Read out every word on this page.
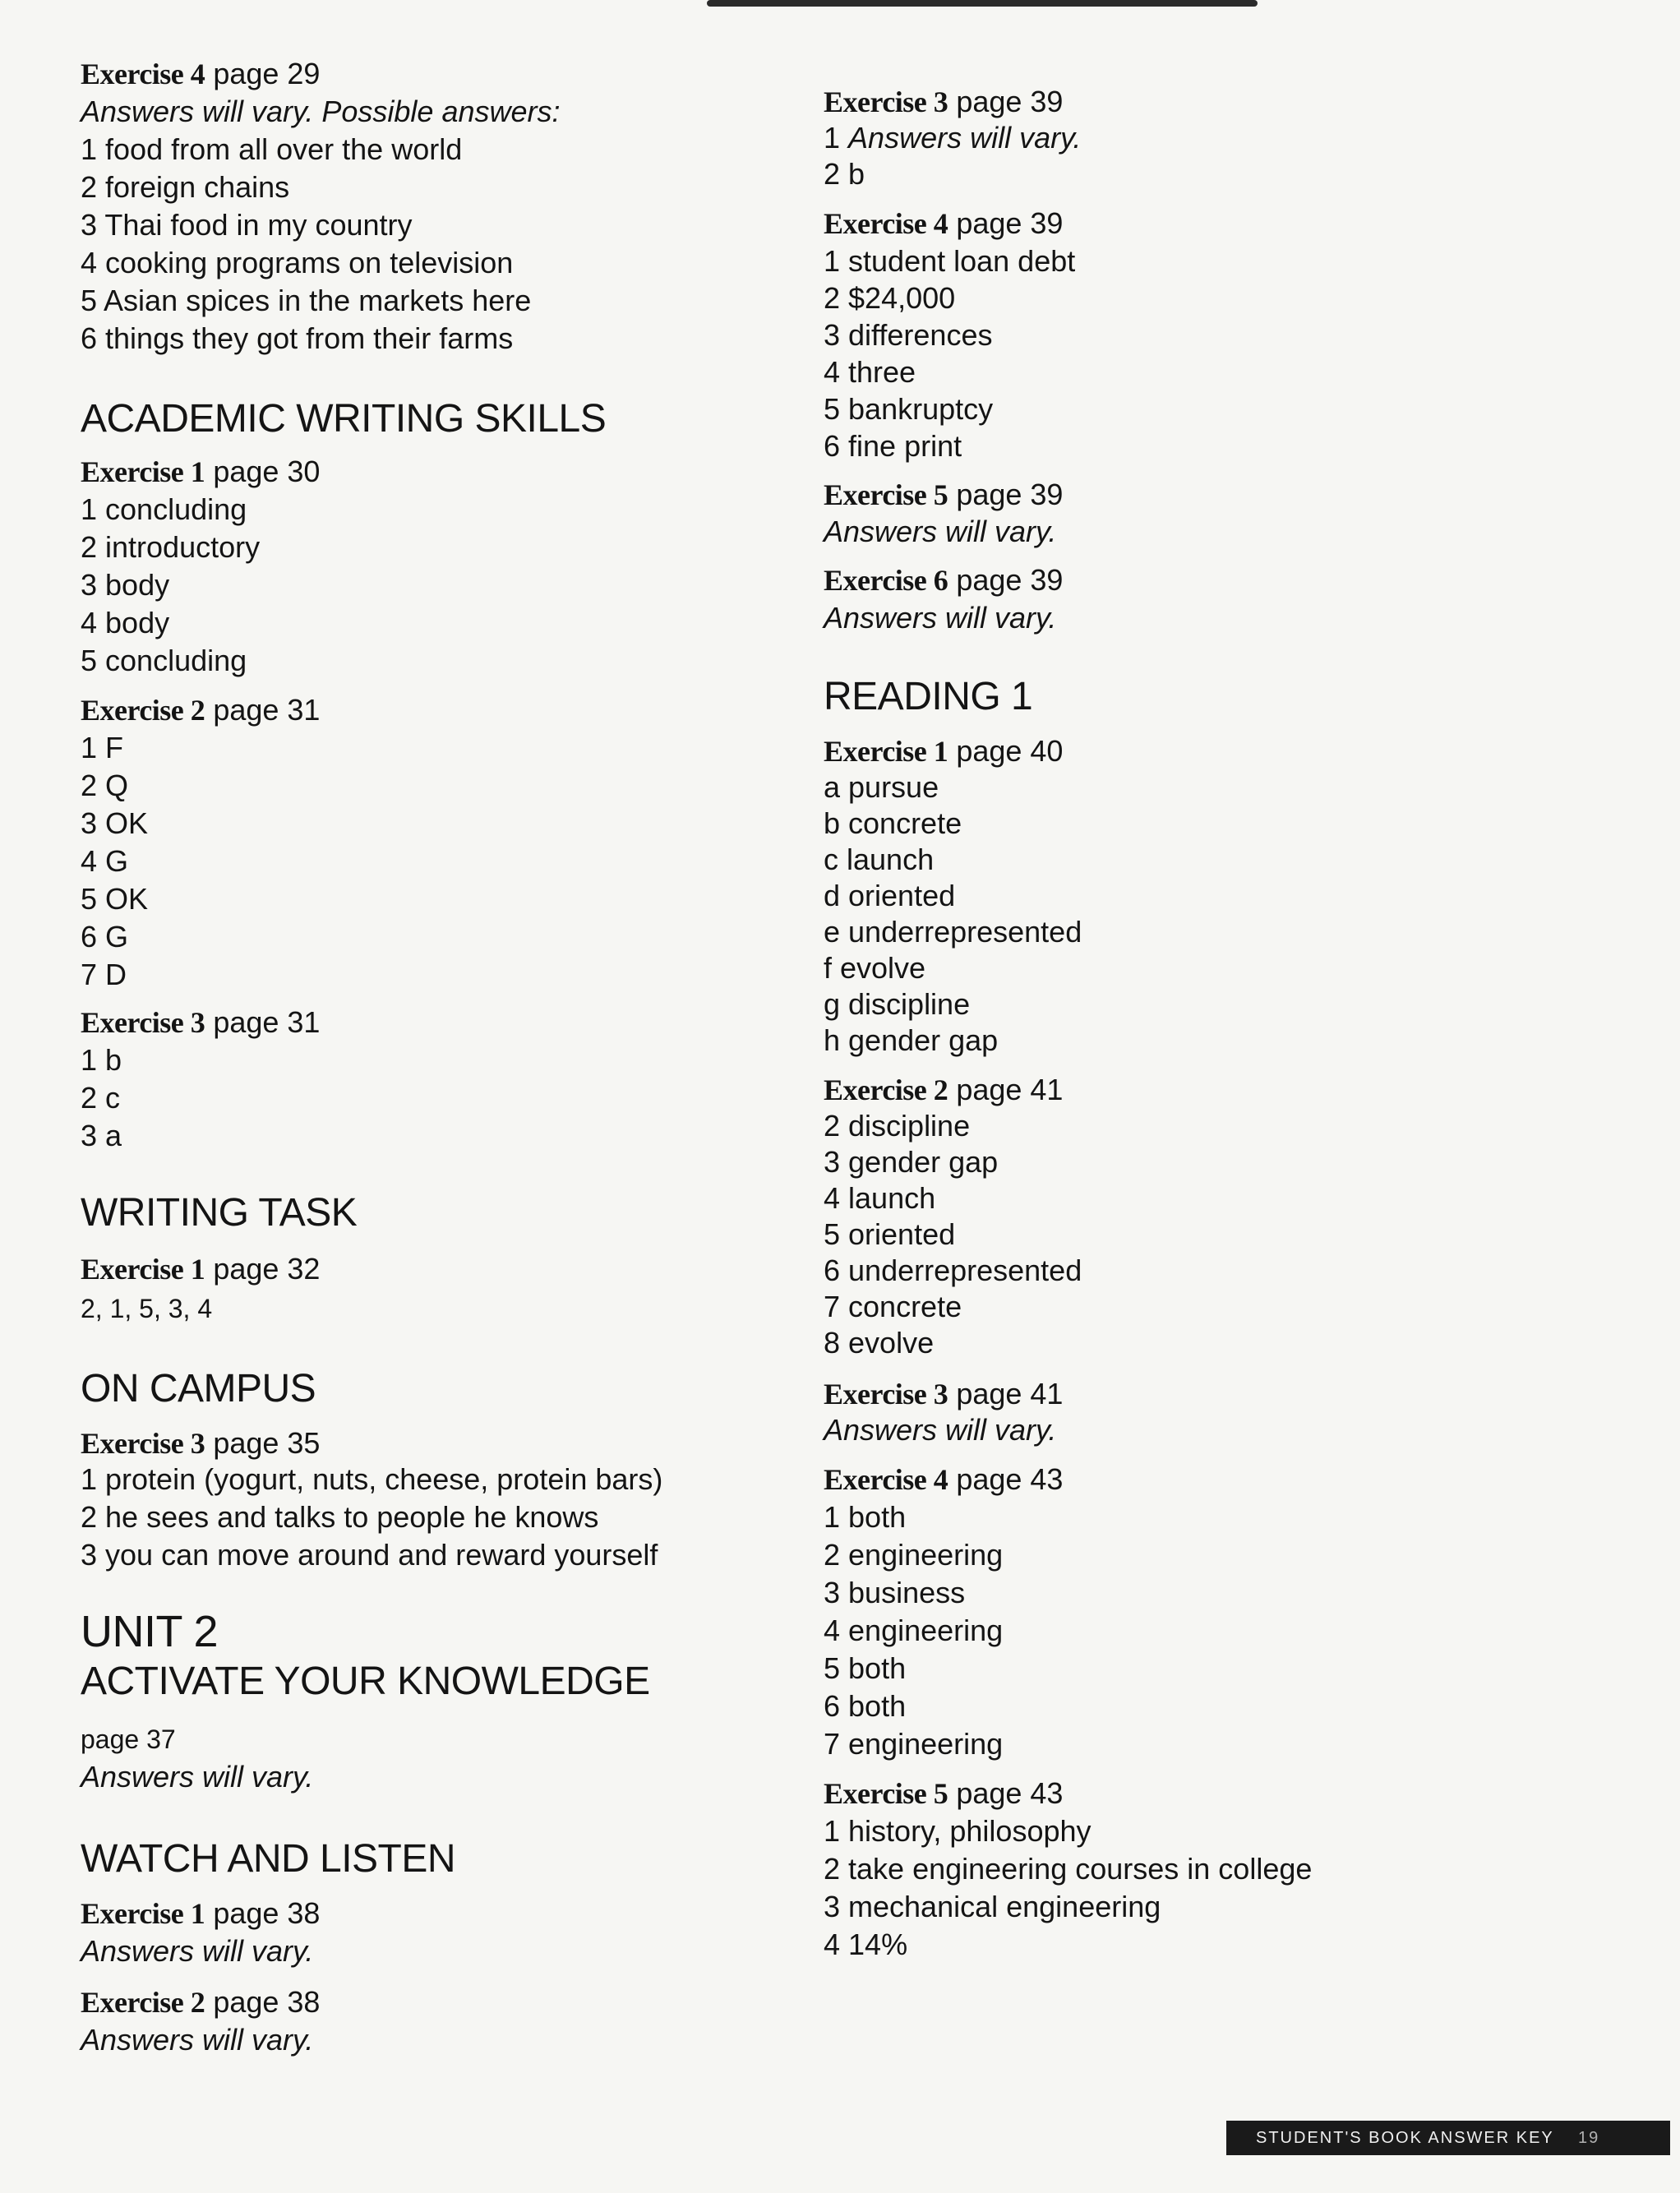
Exercise 4 page 29
Answers will vary. Possible answers:
1 food from all over the world
2 foreign chains
3 Thai food in my country
4 cooking programs on television
5 Asian spices in the markets here
6 things they got from their farms
ACADEMIC WRITING SKILLS
Exercise 1 page 30
1 concluding
2 introductory
3 body
4 body
5 concluding
Exercise 2 page 31
1 F
2 Q
3 OK
4 G
5 OK
6 G
7 D
Exercise 3 page 31
1 b
2 c
3 a
WRITING TASK
Exercise 1 page 32
2, 1, 5, 3, 4
ON CAMPUS
Exercise 3 page 35
1 protein (yogurt, nuts, cheese, protein bars)
2 he sees and talks to people he knows
3 you can move around and reward yourself
UNIT 2
ACTIVATE YOUR KNOWLEDGE
page 37
Answers will vary.
WATCH AND LISTEN
Exercise 1 page 38
Answers will vary.
Exercise 2 page 38
Answers will vary.
Exercise 3 page 39
1 Answers will vary.
2 b
Exercise 4 page 39
1 student loan debt
2 $24,000
3 differences
4 three
5 bankruptcy
6 fine print
Exercise 5 page 39
Answers will vary.
Exercise 6 page 39
Answers will vary.
READING 1
Exercise 1 page 40
a pursue
b concrete
c launch
d oriented
e underrepresented
f evolve
g discipline
h gender gap
Exercise 2 page 41
2 discipline
3 gender gap
4 launch
5 oriented
6 underrepresented
7 concrete
8 evolve
Exercise 3 page 41
Answers will vary.
Exercise 4 page 43
1 both
2 engineering
3 business
4 engineering
5 both
6 both
7 engineering
Exercise 5 page 43
1 history, philosophy
2 take engineering courses in college
3 mechanical engineering
4 14%
STUDENT'S BOOK ANSWER KEY 19
